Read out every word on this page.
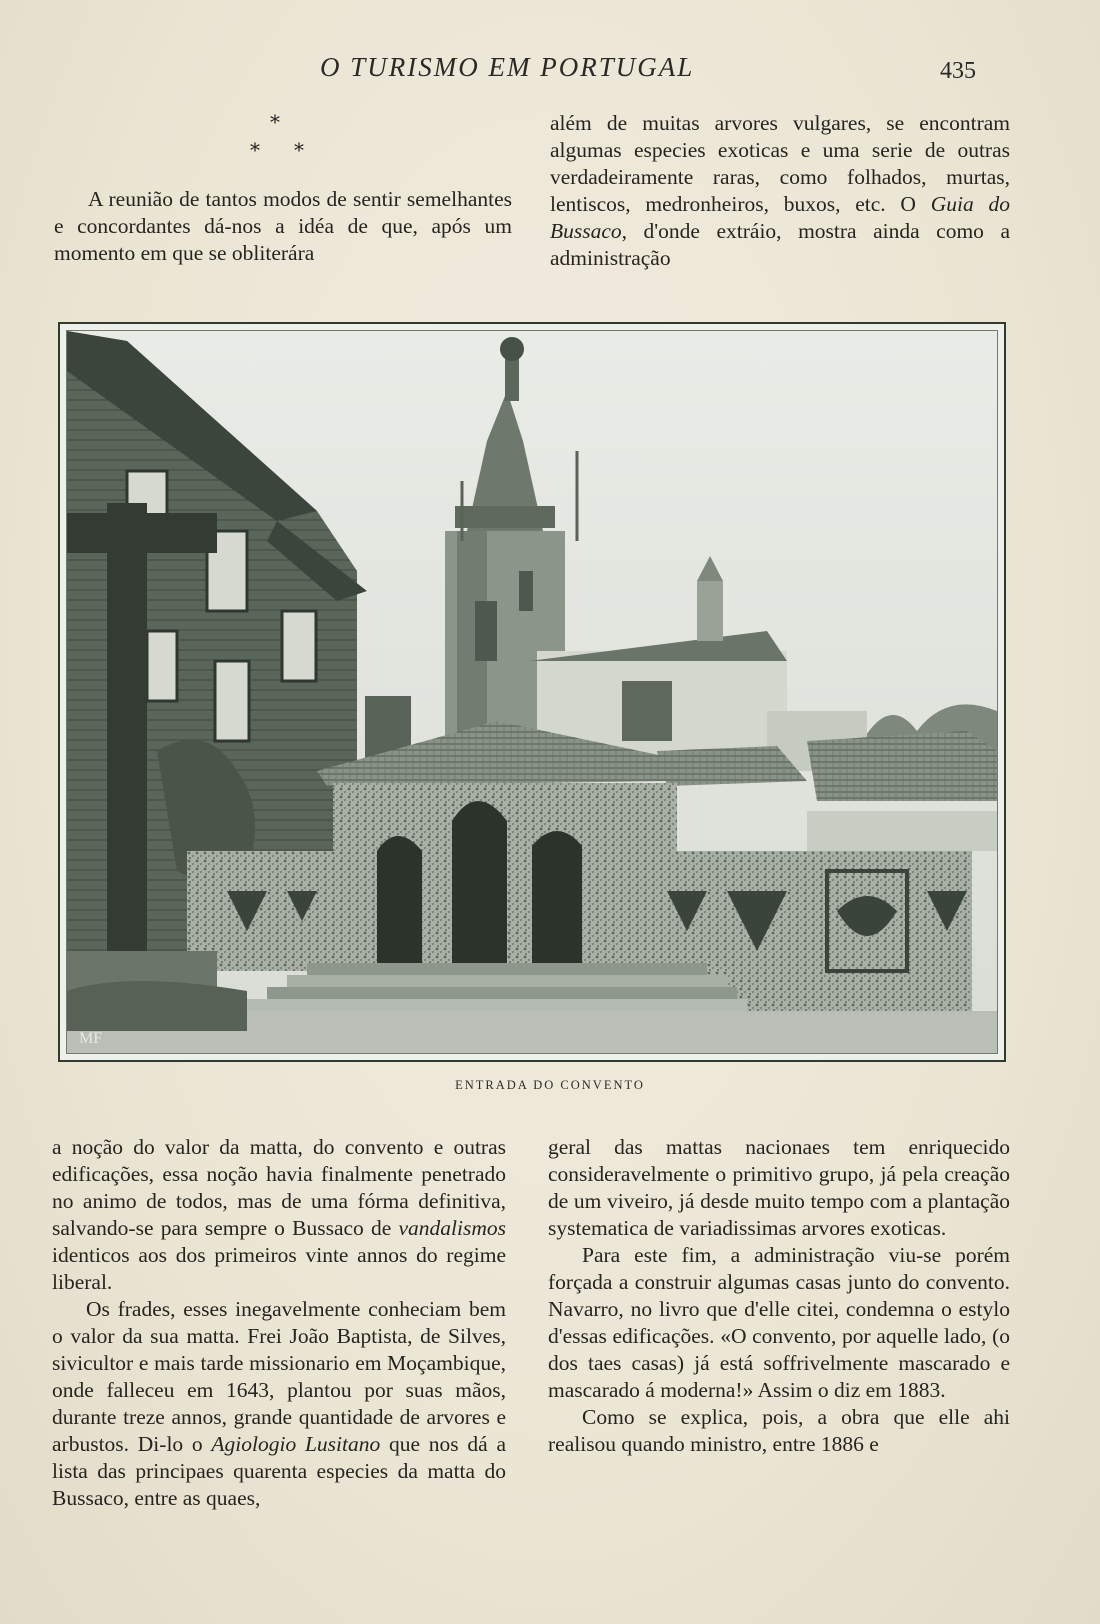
O TURISMO EM PORTUGAL	435
*
* *

A reunião de tantos modos de sentir semelhantes e concordantes dá-nos a idéa de que, após um momento em que se obliterára

além de muitas arvores vulgares, se encontram algumas especies exoticas e uma serie de outras verdadeiramente raras, como folhados, murtas, lentiscos, medronheiros, buxos, etc. O Guia do Bussaco, d'onde extráio, mostra ainda como a administração

MF
ENTRADA DO CONVENTO

a noção do valor da matta, do convento e outras edificações, essa noção havia finalmente penetrado no animo de todos, mas de uma fórma definitiva, salvando-se para sempre o Bussaco de vandalismos identicos aos dos primeiros vinte annos do regime liberal.

Os frades, esses inegavelmente conheciam bem o valor da sua matta. Frei João Baptista, de Silves, sivicultor e mais tarde missionario em Moçambique, onde falleceu em 1643, plantou por suas mãos, durante treze annos, grande quantidade de arvores e arbustos. Di-lo o Agiologio Lusitano que nos dá a lista das principaes quarenta especies da matta do Bussaco, entre as quaes,

geral das mattas nacionaes tem enriquecido consideravelmente o primitivo grupo, já pela creação de um viveiro, já desde muito tempo com a plantação systematica de variadissimas arvores exoticas.

Para este fim, a administração viu-se porém forçada a construir algumas casas junto do convento. Navarro, no livro que d'elle citei, condemna o estylo d'essas edificações. «O convento, por aquelle lado, (o dos taes casas) já está soffrivelmente mascarado e mascarado á moderna!» Assim o diz em 1883.

Como se explica, pois, a obra que elle ahi realisou quando ministro, entre 1886 e
